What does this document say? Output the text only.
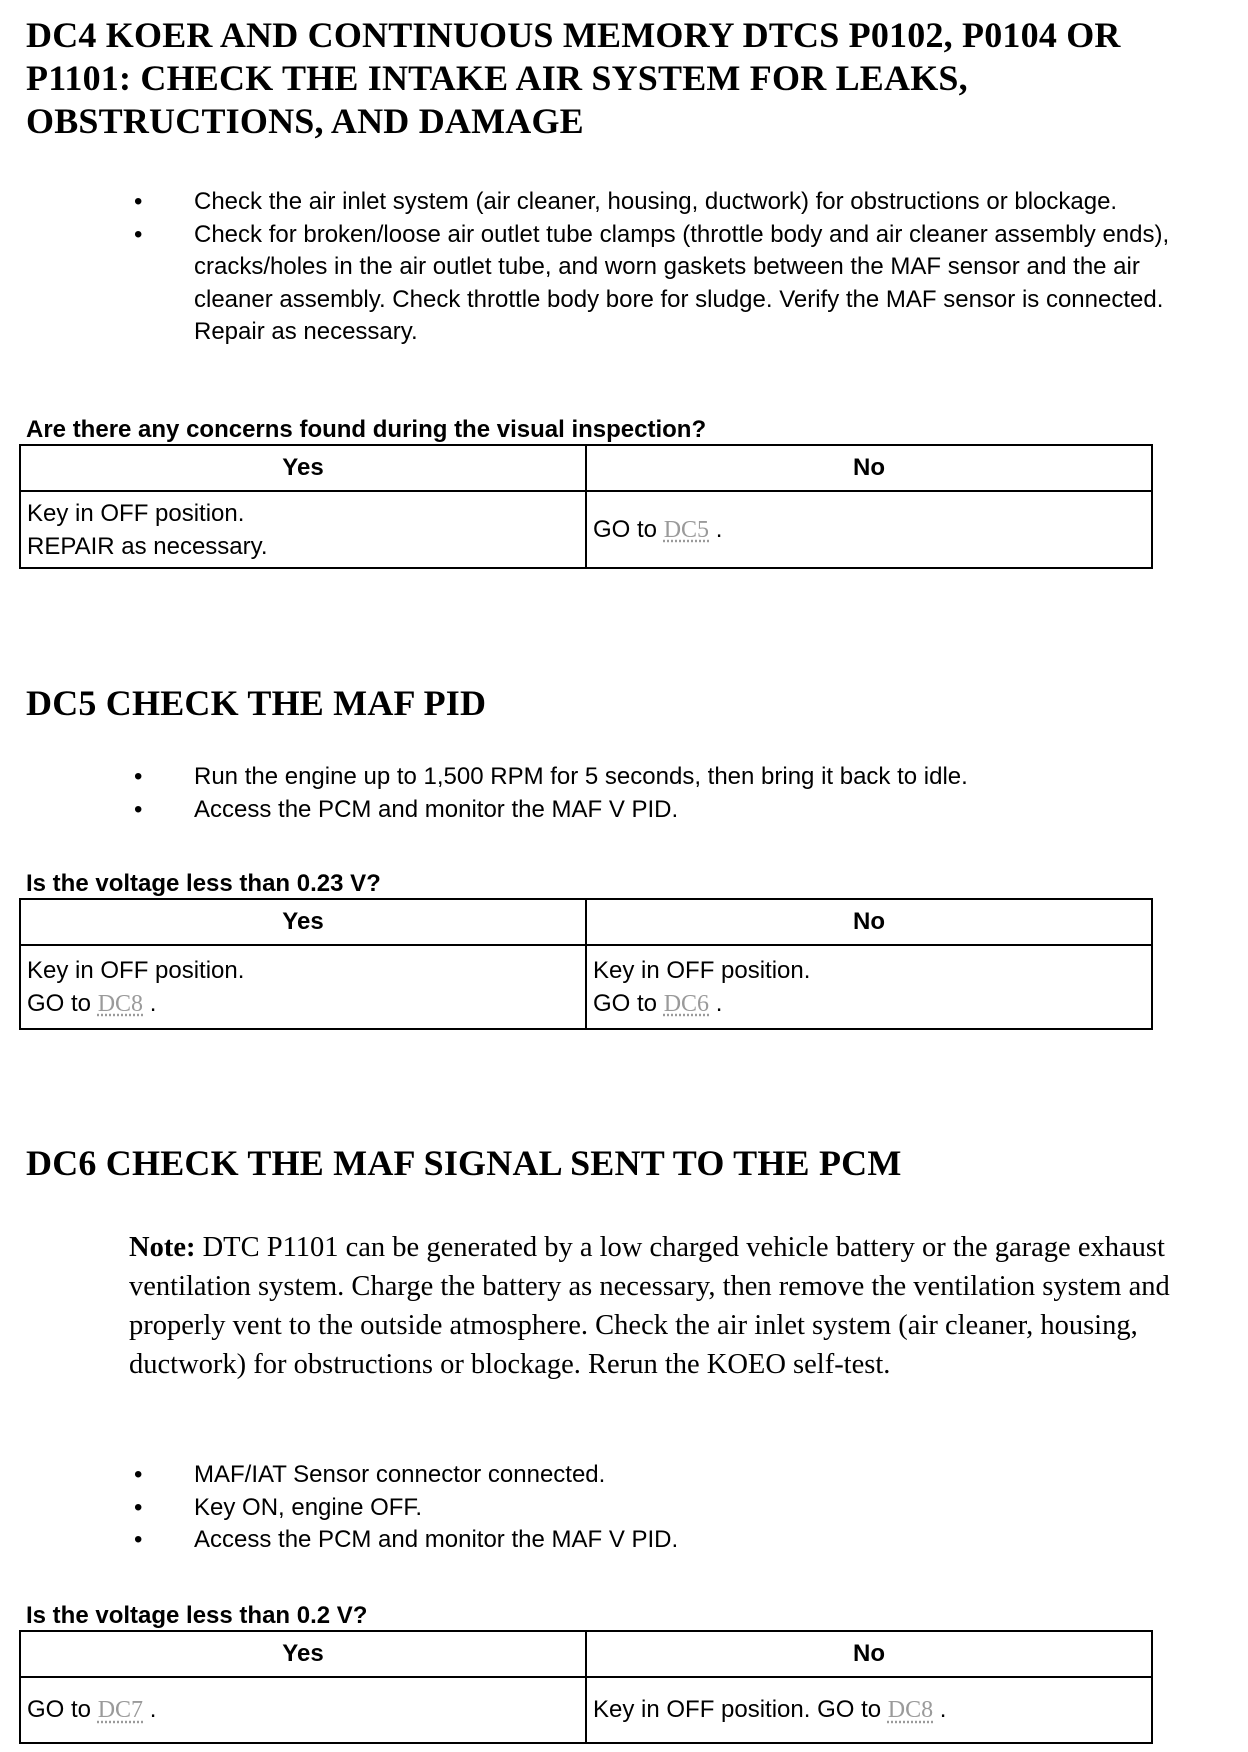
DC4 KOER AND CONTINUOUS MEMORY DTCS P0102, P0104 OR P1101: CHECK THE INTAKE AIR SYSTEM FOR LEAKS, OBSTRUCTIONS, AND DAMAGE
• Check the air inlet system (air cleaner, housing, ductwork) for obstructions or blockage.
• Check for broken/loose air outlet tube clamps (throttle body and air cleaner assembly ends), cracks/holes in the air outlet tube, and worn gaskets between the MAF sensor and the air cleaner assembly. Check throttle body bore for sludge. Verify the MAF sensor is connected. Repair as necessary.

Are there any concerns found during the visual inspection?

Yes	No
Key in OFF position.
REPAIR as necessary.	GO to DC5 .
DC5 CHECK THE MAF PID
• Run the engine up to 1,500 RPM for 5 seconds, then bring it back to idle.
• Access the PCM and monitor the MAF V PID.

Is the voltage less than 0.23 V?

Yes	No
Key in OFF position.
GO to DC8 .	Key in OFF position.
GO to DC6 .
DC6 CHECK THE MAF SIGNAL SENT TO THE PCM

Note: DTC P1101 can be generated by a low charged vehicle battery or the garage exhaust ventilation system. Charge the battery as necessary, then remove the ventilation system and properly vent to the outside atmosphere. Check the air inlet system (air cleaner, housing, ductwork) for obstructions or blockage. Rerun the KOEO self-test.

• MAF/IAT Sensor connector connected.
• Key ON, engine OFF.
• Access the PCM and monitor the MAF V PID.

Is the voltage less than 0.2 V?

Yes	No
GO to DC7 .	Key in OFF position. GO to DC8 .
